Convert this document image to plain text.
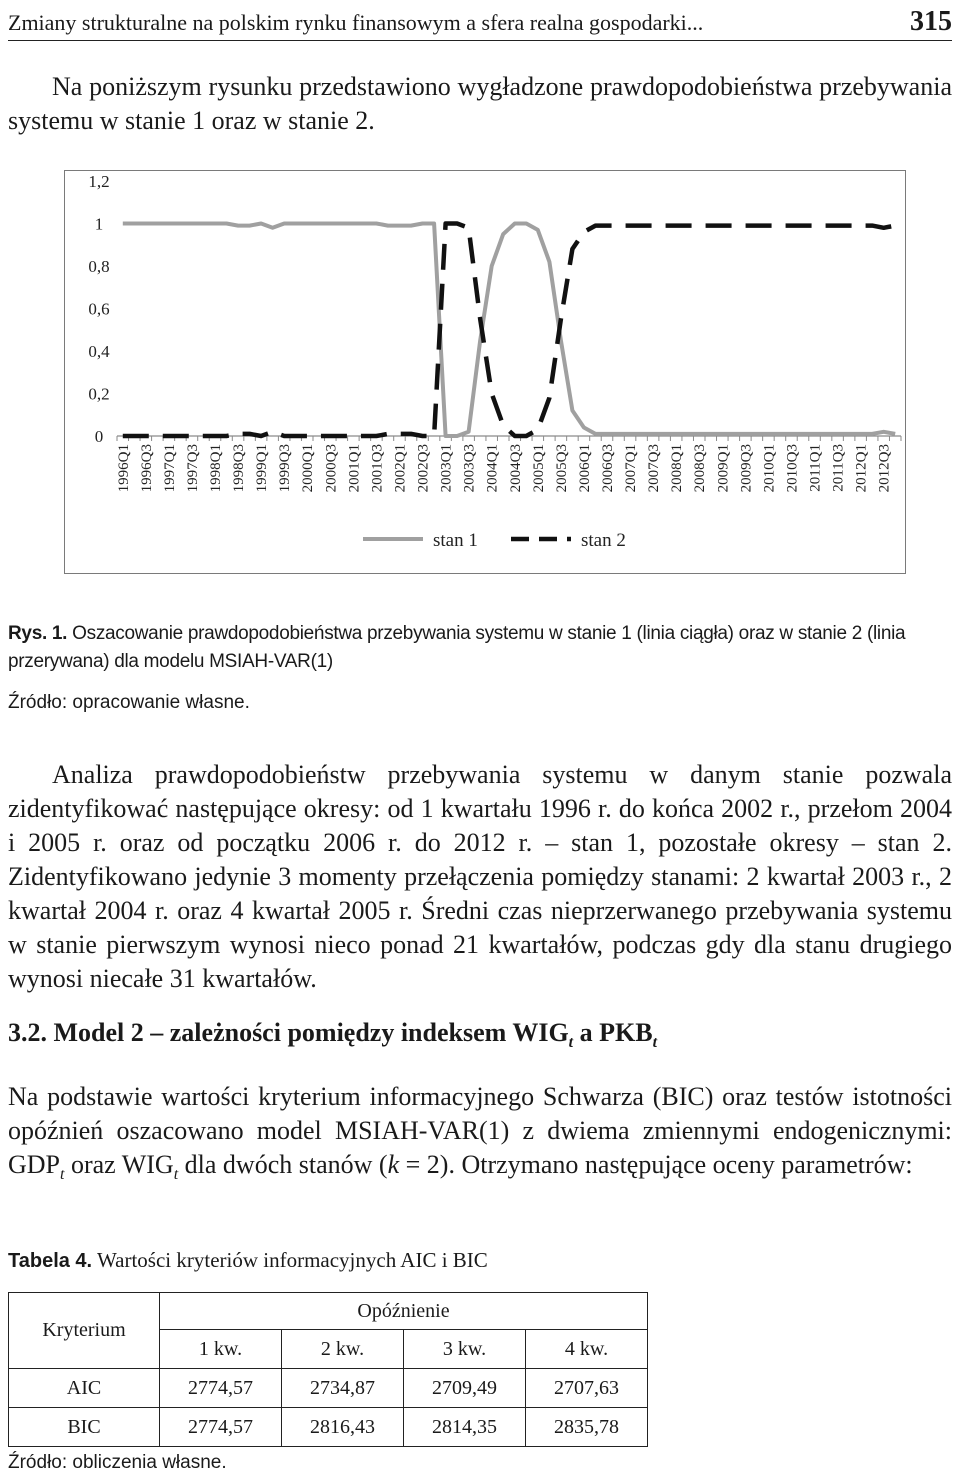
Zmiany strukturalne na polskim rynku finansowym a sfera realna gospodarki...	315

Na poniższym rysunku przedstawiono wygładzone prawdopodobieństwa przebywania systemu w stanie 1 oraz w stanie 2.

0
0,2
0,4
0,6
0,8
1
1,2
1996Q1 1996Q3 1997Q1 1997Q3 1998Q1 1998Q3 1999Q1 1999Q3 2000Q1 2000Q3 2001Q1 2001Q3 2002Q1 2002Q3 2003Q1 2003Q3 2004Q1 2004Q3 2005Q1 2005Q3 2006Q1 2006Q3 2007Q1 2007Q3 2008Q1 2008Q3 2009Q1 2009Q3 2010Q1 2010Q3 2011Q1 2011Q3 2012Q1 2012Q3
stan 1	stan 2

Rys. 1. Oszacowanie prawdopodobieństwa przebywania systemu w stanie 1 (linia ciągła) oraz w stanie 2 (linia przerywana) dla modelu MSIAH-VAR(1)

Źródło: opracowanie własne.

Analiza prawdopodobieństw przebywania systemu w danym stanie pozwala zidentyfikować następujące okresy: od 1 kwartału 1996 r. do końca 2002 r., przełom 2004 i 2005 r. oraz od początku 2006 r. do 2012 r. – stan 1, pozostałe okresy – stan 2. Zidentyfikowano jedynie 3 momenty przełączenia pomiędzy stanami: 2 kwartał 2003 r., 2 kwartał 2004 r. oraz 4 kwartał 2005 r. Średni czas nieprzerwanego przebywania systemu w stanie pierwszym wynosi nieco ponad 21 kwartałów, podczas gdy dla stanu drugiego wynosi niecałe 31 kwartałów.

3.2. Model 2 – zależności pomiędzy indeksem $WIG_t$ a $PKB_t$

Na podstawie wartości kryterium informacyjnego Schwarza (BIC) oraz testów istotności opóźnień oszacowano model MSIAH-VAR(1) z dwiema zmiennymi endogenicznymi: $GDP_t$ oraz $WIG_t$ dla dwóch stanów (k = 2). Otrzymano następujące oceny parametrów:

Tabela 4. Wartości kryteriów informacyjnych AIC i BIC

Kryterium	Opóźnienie			
	1 kw.	2 kw.	3 kw.	4 kw.
AIC	2774,57	2734,87	2709,49	2707,63
BIC	2774,57	2816,43	2814,35	2835,78

Źródło: obliczenia własne.
